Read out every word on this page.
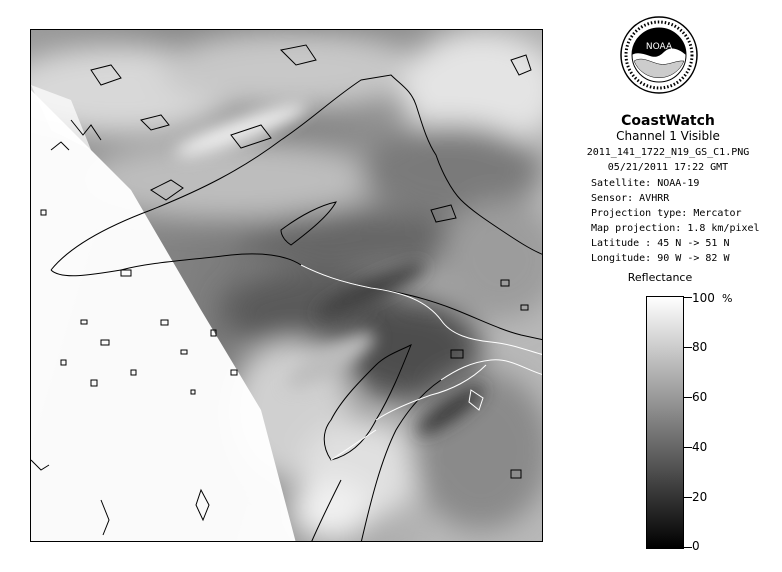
NOAA
CoastWatch
Channel 1 Visible
2011_141_1722_N19_GS_C1.PNG
05/21/2011 17:22 GMT
Satellite: NOAA-19
Sensor: AVHRR
Projection type: Mercator
Map projection: 1.8 km/pixel
Latitude : 45 N -> 51 N
Longitude: 90 W -> 82 W
Reflectance
%
100
80
60
40
20
0
